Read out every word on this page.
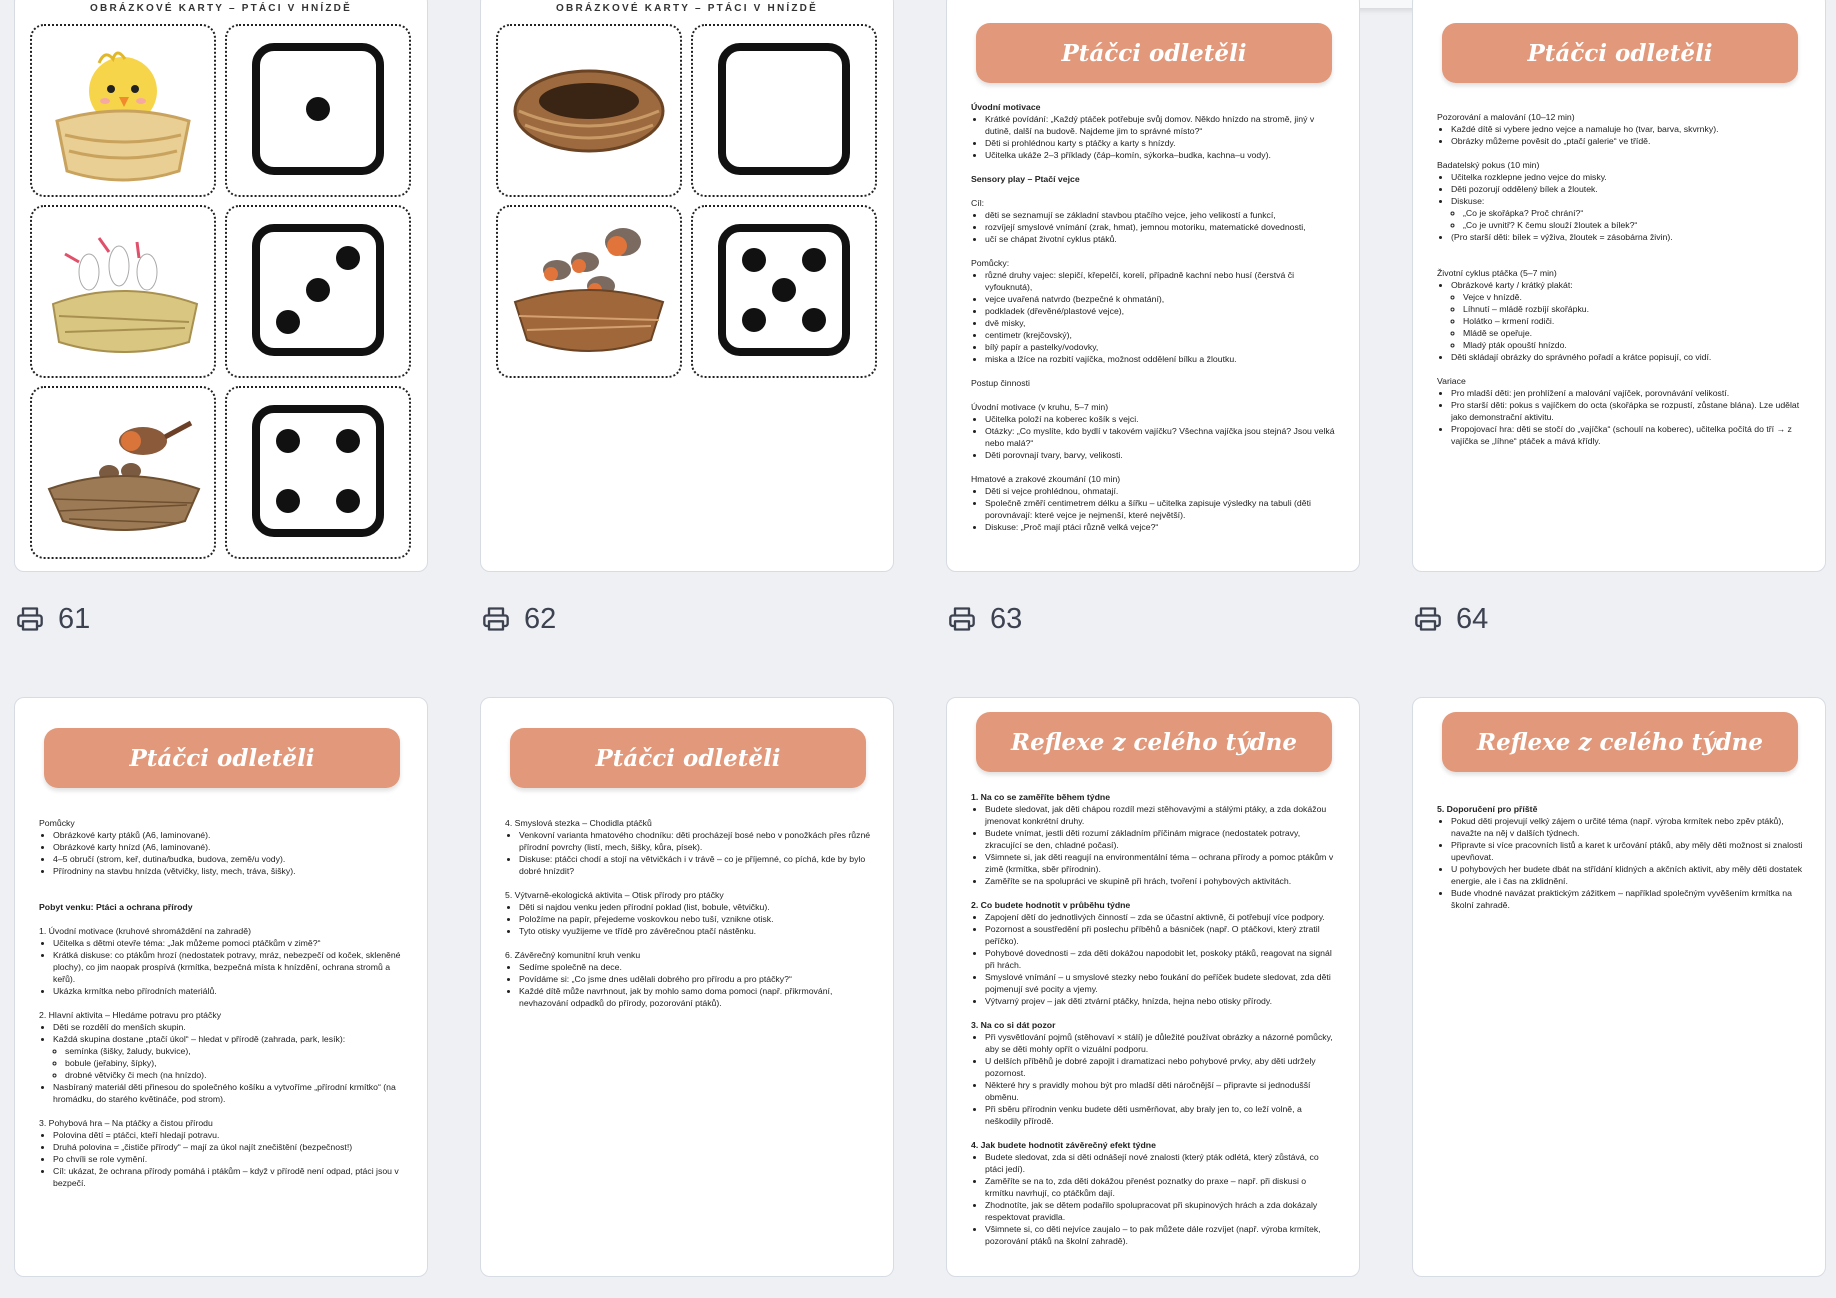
OBRÁZKOVÉ KARTY – PTÁCI V HNÍZDĚ	OBRÁZKOVÉ KARTY – PTÁCI V HNÍZDĚ
Ptáčci odletěli

Úvodní motivace

• Krátké povídání: „Každý ptáček potřebuje svůj domov. Někdo hnízdo na stromě, jiný v dutině, další na budově. Najdeme jim to správné místo?“
• Děti si prohlédnou karty s ptáčky a karty s hnízdy.
• Učitelka ukáže 2–3 příklady (čáp–komín, sýkorka–budka, kachna–u vody).

Sensory play – Ptačí vejce

Cíl:

• děti se seznamují se základní stavbou ptačího vejce, jeho velikostí a funkcí,
• rozvíjejí smyslové vnímání (zrak, hmat), jemnou motoriku, matematické dovednosti,
• učí se chápat životní cyklus ptáků.

Pomůcky:

• různé druhy vajec: slepičí, křepelčí, korelí, případně kachní nebo husí (čerstvá či vyfouknutá),
• vejce uvařená natvrdo (bezpečné k ohmatání),
• podkladek (dřevěné/plastové vejce),
• dvě misky,
• centimetr (krejčovský),
• bílý papír a pastelky/vodovky,
• miska a lžíce na rozbití vajíčka, možnost oddělení bílku a žloutku.

Postup činnosti

Úvodní motivace (v kruhu, 5–7 min)

• Učitelka položí na koberec košík s vejci.
• Otázky: „Co myslíte, kdo bydlí v takovém vajíčku? Všechna vajíčka jsou stejná? Jsou velká nebo malá?“
• Děti porovnají tvary, barvy, velikosti.

Hmatové a zrakové zkoumání (10 min)

• Děti si vejce prohlédnou, ohmatají.
• Společně změří centimetrem délku a šířku – učitelka zapisuje výsledky na tabuli (děti porovnávají: které vejce je nejmenší, které největší).
• Diskuse: „Proč mají ptáci různě velká vejce?“
Ptáčci odletěli

Pozorování a malování (10–12 min)

• Každé dítě si vybere jedno vejce a namaluje ho (tvar, barva, skvrnky).
• Obrázky můžeme pověsit do „ptačí galerie“ ve třídě.

Badatelský pokus (10 min)

• Učitelka rozklepne jedno vejce do misky.
• Děti pozorují oddělený bílek a žloutek.
• Diskuse:
◦ „Co je skořápka? Proč chrání?“
◦ „Co je uvnitř? K čemu slouží žloutek a bílek?“
• (Pro starší děti: bílek = výživa, žloutek = zásobárna živin).

Životní cyklus ptáčka (5–7 min)

• Obrázkové karty / krátký plakát:
◦ Vejce v hnízdě.
◦ Líhnutí – mládě rozbíjí skořápku.
◦ Holátko – krmení rodiči.
◦ Mládě se opeřuje.
◦ Mladý pták opouští hnízdo.
• Děti skládají obrázky do správného pořadí a krátce popisují, co vidí.

Variace

• Pro mladší děti: jen prohlížení a malování vajíček, porovnávání velikostí.
• Pro starší děti: pokus s vajíčkem do octa (skořápka se rozpustí, zůstane blána). Lze udělat jako demonstrační aktivitu.
• Propojovací hra: děti se stočí do „vajíčka“ (schoulí na koberec), učitelka počítá do tří → z vajíčka se „líhne“ ptáček a mává křídly.
61	62	63	64
Ptáčci odletěli

Pomůcky

• Obrázkové karty ptáků (A6, laminované).
• Obrázkové karty hnízd (A6, laminované).
• 4–5 obručí (strom, keř, dutina/budka, budova, země/u vody).
• Přírodniny na stavbu hnízda (větvičky, listy, mech, tráva, šišky).

Pobyt venku: Ptáci a ochrana přírody

1. Úvodní motivace (kruhové shromáždění na zahradě)

• Učitelka s dětmi otevře téma: „Jak můžeme pomoci ptáčkům v zimě?“
• Krátká diskuse: co ptákům hrozí (nedostatek potravy, mráz, nebezpečí od koček, skleněné plochy), co jim naopak prospívá (krmítka, bezpečná místa k hnízdění, ochrana stromů a keřů).
• Ukázka krmítka nebo přírodních materiálů.

2. Hlavní aktivita – Hledáme potravu pro ptáčky

• Děti se rozdělí do menších skupin.
• Každá skupina dostane „ptačí úkol“ – hledat v přírodě (zahrada, park, lesík):
◦ semínka (šišky, žaludy, bukvice),
◦ bobule (jeřabiny, šípky),
◦ drobné větvičky či mech (na hnízdo).
• Nasbíraný materiál děti přinesou do společného košíku a vytvoříme „přírodní krmítko“ (na hromádku, do starého květináče, pod strom).

3. Pohybová hra – Na ptáčky a čistou přírodu

• Polovina dětí = ptáčci, kteří hledají potravu.
• Druhá polovina = „čističe přírody“ – mají za úkol najít znečištění (bezpečnost!)
• Po chvíli se role vymění.
• Cíl: ukázat, že ochrana přírody pomáhá i ptákům – když v přírodě není odpad, ptáci jsou v bezpečí.
Ptáčci odletěli

4. Smyslová stezka – Chodidla ptáčků

• Venkovní varianta hmatového chodníku: děti procházejí bosé nebo v ponožkách přes různé přírodní povrchy (listí, mech, šišky, kůra, písek).
• Diskuse: ptáčci chodí a stojí na větvičkách i v trávě – co je příjemné, co píchá, kde by bylo dobré hnízdit?

5. Výtvarně-ekologická aktivita – Otisk přírody pro ptáčky

• Děti si najdou venku jeden přírodní poklad (list, bobule, větvičku).
• Položíme na papír, přejedeme voskovkou nebo tuší, vznikne otisk.
• Tyto otisky využijeme ve třídě pro závěrečnou ptačí nástěnku.

6. Závěrečný komunitní kruh venku

• Sedíme společně na dece.
• Povídáme si: „Co jsme dnes udělali dobrého pro přírodu a pro ptáčky?“
• Každé dítě může navrhnout, jak by mohlo samo doma pomoci (např. přikrmování, nevhazování odpadků do přírody, pozorování ptáků).
Reflexe z celého týdne

1. Na co se zaměříte během týdne

• Budete sledovat, jak děti chápou rozdíl mezi stěhovavými a stálými ptáky, a zda dokážou jmenovat konkrétní druhy.
• Budete vnímat, jestli děti rozumí základním příčinám migrace (nedostatek potravy, zkracující se den, chladné počasí).
• Všimnete si, jak děti reagují na environmentální téma – ochrana přírody a pomoc ptákům v zimě (krmítka, sběr přírodnin).
• Zaměříte se na spolupráci ve skupině při hrách, tvoření i pohybových aktivitách.

2. Co budete hodnotit v průběhu týdne

• Zapojení dětí do jednotlivých činností – zda se účastní aktivně, či potřebují více podpory.
• Pozornost a soustředění při poslechu příběhů a básniček (např. O ptáčkovi, který ztratil peříčko).
• Pohybové dovednosti – zda děti dokážou napodobit let, poskoky ptáků, reagovat na signál při hrách.
• Smyslové vnímání – u smyslové stezky nebo foukání do peříček budete sledovat, zda děti pojmenují své pocity a vjemy.
• Výtvarný projev – jak děti ztvární ptáčky, hnízda, hejna nebo otisky přírody.

3. Na co si dát pozor

• Při vysvětlování pojmů (stěhovaví × stálí) je důležité používat obrázky a názorné pomůcky, aby se děti mohly opřít o vizuální podporu.
• U delších příběhů je dobré zapojit i dramatizaci nebo pohybové prvky, aby děti udržely pozornost.
• Některé hry s pravidly mohou být pro mladší děti náročnější – připravte si jednodušší obměnu.
• Při sběru přírodnin venku budete děti usměrňovat, aby braly jen to, co leží volně, a neškodily přírodě.

4. Jak budete hodnotit závěrečný efekt týdne

• Budete sledovat, zda si děti odnášejí nové znalosti (který pták odlétá, který zůstává, co ptáci jedí).
• Zaměříte se na to, zda děti dokážou přenést poznatky do praxe – např. při diskusi o krmítku navrhují, co ptáčkům dají.
• Zhodnotíte, jak se dětem podařilo spolupracovat při skupinových hrách a zda dokázaly respektovat pravidla.
• Všimnete si, co děti nejvíce zaujalo – to pak můžete dále rozvíjet (např. výroba krmítek, pozorování ptáků na školní zahradě).
Reflexe z celého týdne

5. Doporučení pro příště

• Pokud děti projevují velký zájem o určité téma (např. výroba krmítek nebo zpěv ptáků), navažte na něj v dalších týdnech.
• Připravte si více pracovních listů a karet k určování ptáků, aby měly děti možnost si znalosti upevňovat.
• U pohybových her budete dbát na střídání klidných a akčních aktivit, aby měly děti dostatek energie, ale i čas na zklidnění.
• Bude vhodné navázat praktickým zážitkem – například společným vyvěšením krmítka na školní zahradě.
